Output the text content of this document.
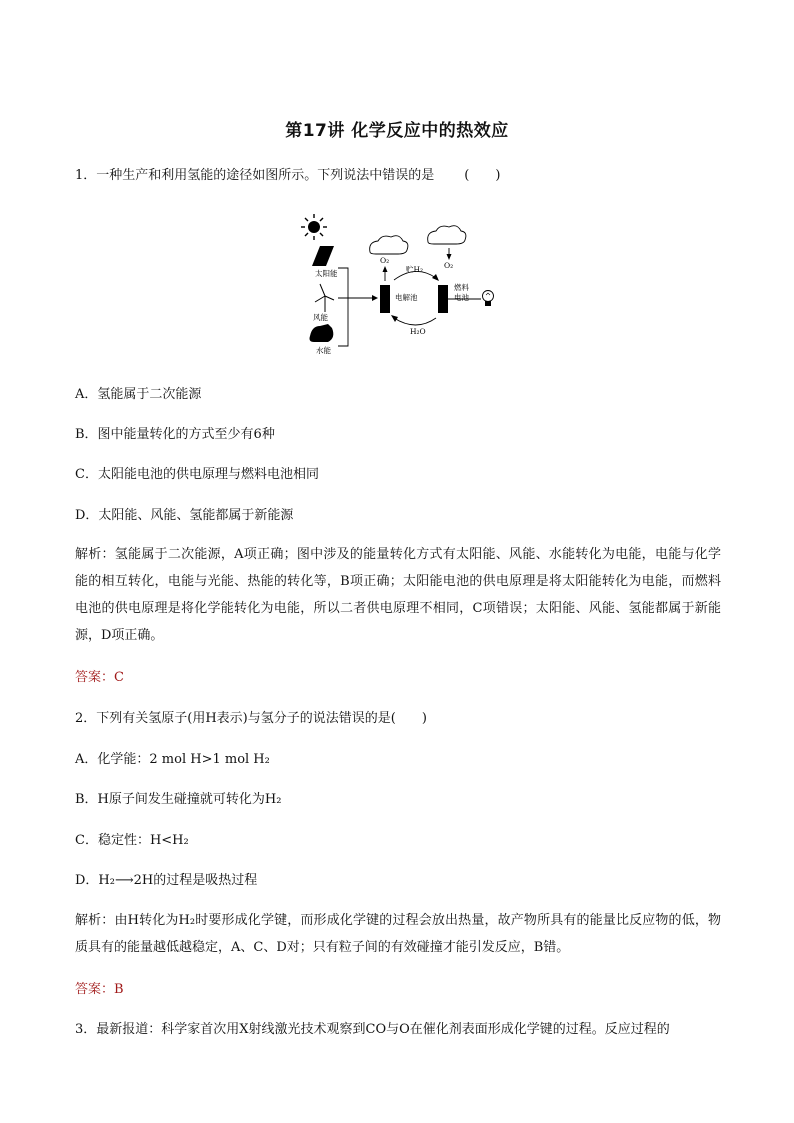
第17讲 化学反应中的热效应
1．一种生产和利用氢能的途径如图所示。下列说法中错误的是 (　　)
太阳能
风能
水能
O₂
O₂
电解池
燃料
电池
贮H₂
H₂O
A．氢能属于二次能源
B．图中能量转化的方式至少有6种
C．太阳能电池的供电原理与燃料电池相同
D．太阳能、风能、氢能都属于新能源
解析：氢能属于二次能源，A项正确；图中涉及的能量转化方式有太阳能、风能、水能转化为电能，电能与化学能的相互转化，电能与光能、热能的转化等，B项正确；太阳能电池的供电原理是将太阳能转化为电能，而燃料电池的供电原理是将化学能转化为电能，所以二者供电原理不相同，C项错误；太阳能、风能、氢能都属于新能源，D项正确。
答案：C
2．下列有关氢原子(用H表示)与氢分子的说法错误的是(　　)
A．化学能：2 mol H>1 mol H₂
B．H原子间发生碰撞就可转化为H₂
C．稳定性：H<H₂
D．H₂⟶2H的过程是吸热过程
解析：由H转化为H₂时要形成化学键，而形成化学键的过程会放出热量，故产物所具有的能量比反应物的低，物质具有的能量越低越稳定，A、C、D对；只有粒子间的有效碰撞才能引发反应，B错。
答案：B
3．最新报道：科学家首次用X射线激光技术观察到CO与O在催化剂表面形成化学键的过程。反应过程的
